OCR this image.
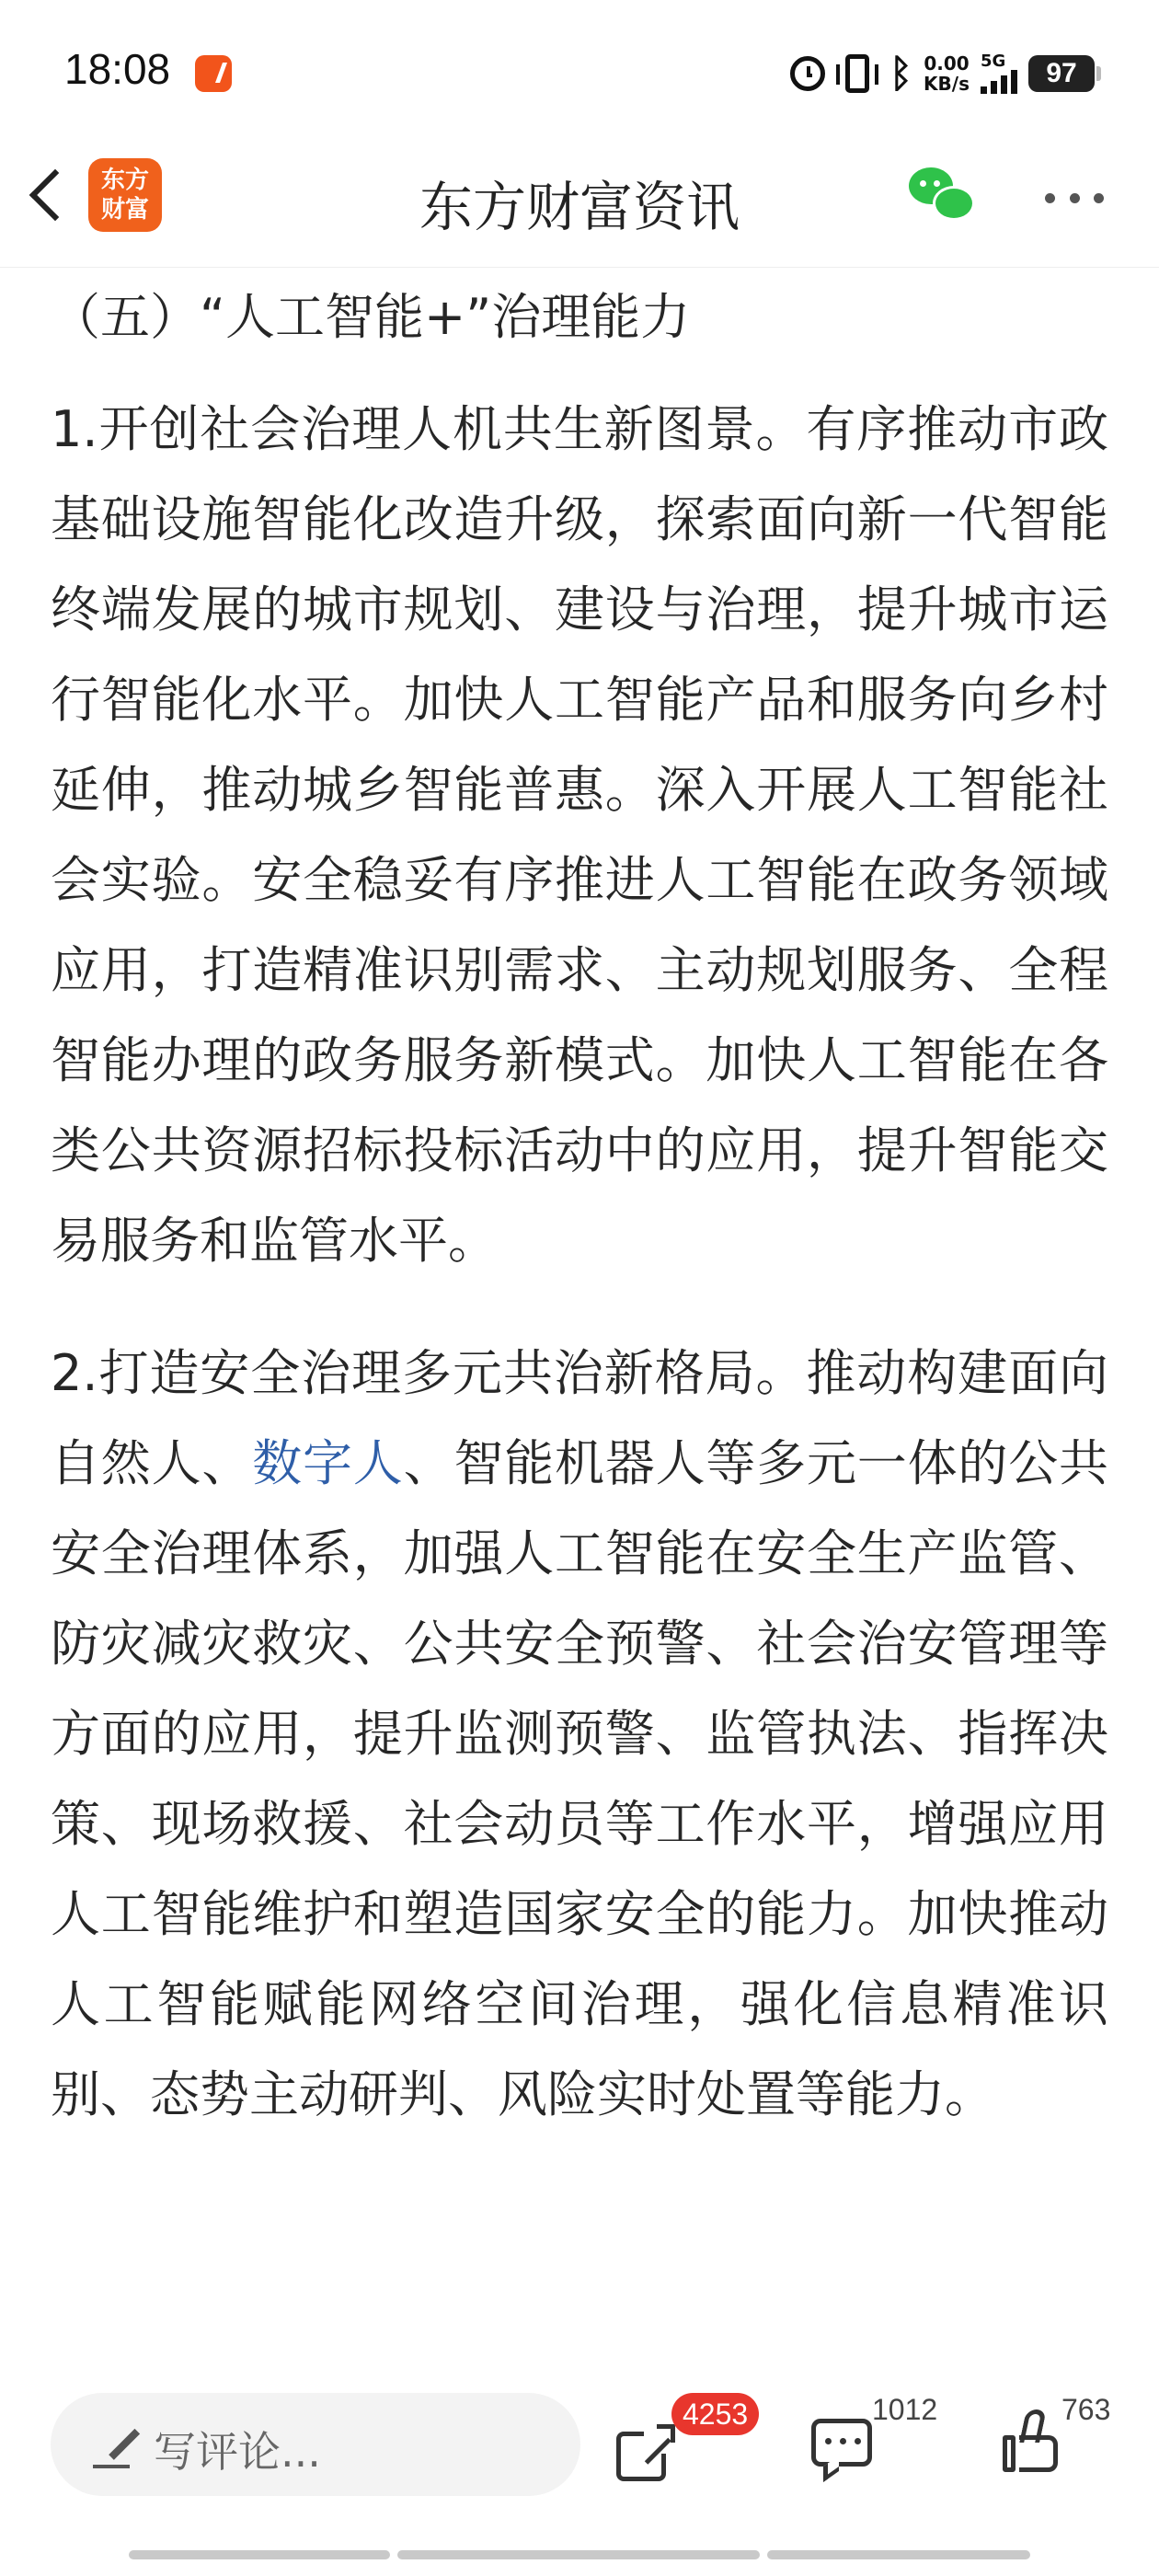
18:08	ᛒ 0.00
KB/s
5G	97
东方
财富	东方财富资讯

（五）“人工智能+”治理能力

1.开创社会治理人机共生新图景。有序推动市政基础设施智能化改造升级，探索面向新一代智能终端发展的城市规划、建设与治理，提升城市运行智能化水平。加快人工智能产品和服务向乡村延伸，推动城乡智能普惠。深入开展人工智能社会实验。安全稳妥有序推进人工智能在政务领域应用，打造精准识别需求、主动规划服务、全程智能办理的政务服务新模式。加快人工智能在各类公共资源招标投标活动中的应用，提升智能交易服务和监管水平。

2.打造安全治理多元共治新格局。推动构建面向自然人、数字人、智能机器人等多元一体的公共安全治理体系，加强人工智能在安全生产监管、防灾减灾救灾、公共安全预警、社会治安管理等方面的应用，提升监测预警、监管执法、指挥决策、现场救援、社会动员等工作水平，增强应用人工智能维护和塑造国家安全的能力。加快推动人工智能赋能网络空间治理，强化信息精准识别、态势主动研判、风险实时处置等能力。

写评论...
4253	1012	763
